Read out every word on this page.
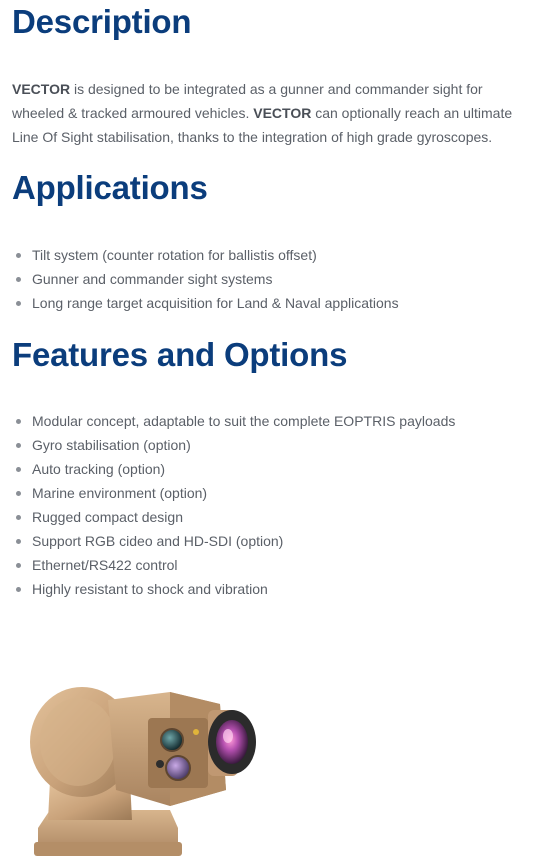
Description

VECTOR is designed to be integrated as a gunner and commander sight for wheeled & tracked armoured vehicles. VECTOR can optionally reach an ultimate Line Of Sight stabilisation, thanks to the integration of high grade gyroscopes.

Applications
Tilt system (counter rotation for ballistis offset)
Gunner and commander sight systems
Long range target acquisition for Land & Naval applications
Features and Options
Modular concept, adaptable to suit the complete EOPTRIS payloads
Gyro stabilisation (option)
Auto tracking (option)
Marine environment (option)
Rugged compact design
Support RGB cideo and HD-SDI (option)
Ethernet/RS422 control
Highly resistant to shock and vibration
